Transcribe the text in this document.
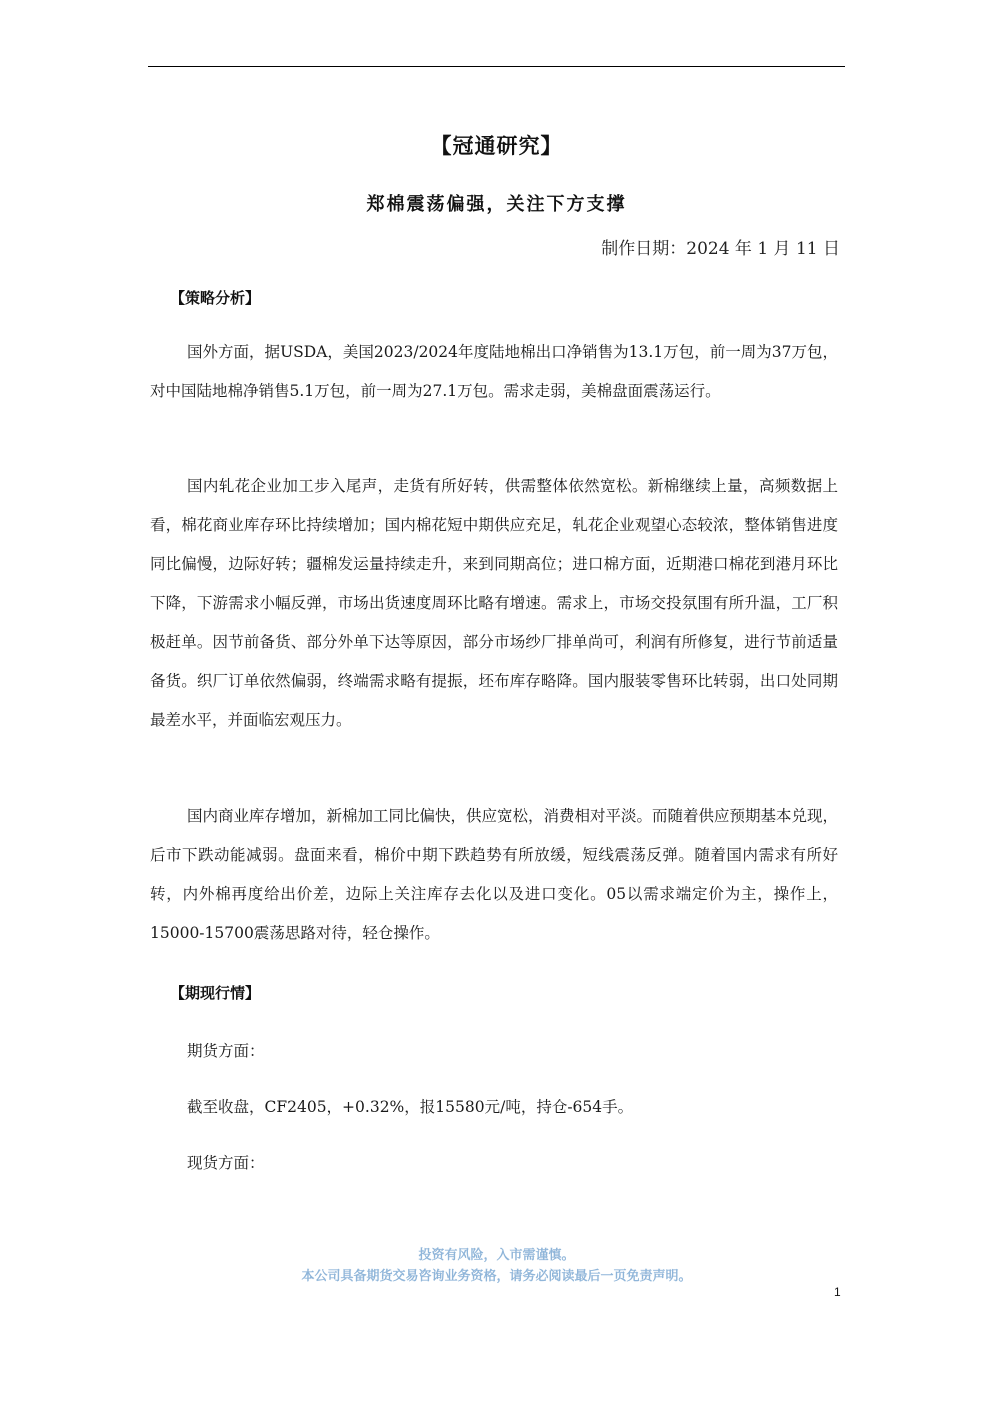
【冠通研究】
郑棉震荡偏强，关注下方支撑
制作日期：2024 年 1 月 11 日
【策略分析】

国外方面，据USDA，美国2023/2024年度陆地棉出口净销售为13.1万包，前一周为37万包，对中国陆地棉净销售5.1万包，前一周为27.1万包。需求走弱，美棉盘面震荡运行。

国内轧花企业加工步入尾声，走货有所好转，供需整体依然宽松。新棉继续上量，高频数据上看，棉花商业库存环比持续增加；国内棉花短中期供应充足，轧花企业观望心态较浓，整体销售进度同比偏慢，边际好转；疆棉发运量持续走升，来到同期高位；进口棉方面，近期港口棉花到港月环比下降，下游需求小幅反弹，市场出货速度周环比略有增速。需求上，市场交投氛围有所升温，工厂积极赶单。因节前备货、部分外单下达等原因，部分市场纱厂排单尚可，利润有所修复，进行节前适量备货。织厂订单依然偏弱，终端需求略有提振，坯布库存略降。国内服装零售环比转弱，出口处同期最差水平，并面临宏观压力。

国内商业库存增加，新棉加工同比偏快，供应宽松，消费相对平淡。而随着供应预期基本兑现，后市下跌动能减弱。盘面来看，棉价中期下跌趋势有所放缓，短线震荡反弹。随着国内需求有所好转，内外棉再度给出价差，边际上关注库存去化以及进口变化。05以需求端定价为主，操作上，15000-15700震荡思路对待，轻仓操作。

【期现行情】
期货方面：
截至收盘，CF2405，+0.32%，报15580元/吨，持仓-654手。
现货方面：
投资有风险，入市需谨慎。
本公司具备期货交易咨询业务资格，请务必阅读最后一页免责声明。
1
